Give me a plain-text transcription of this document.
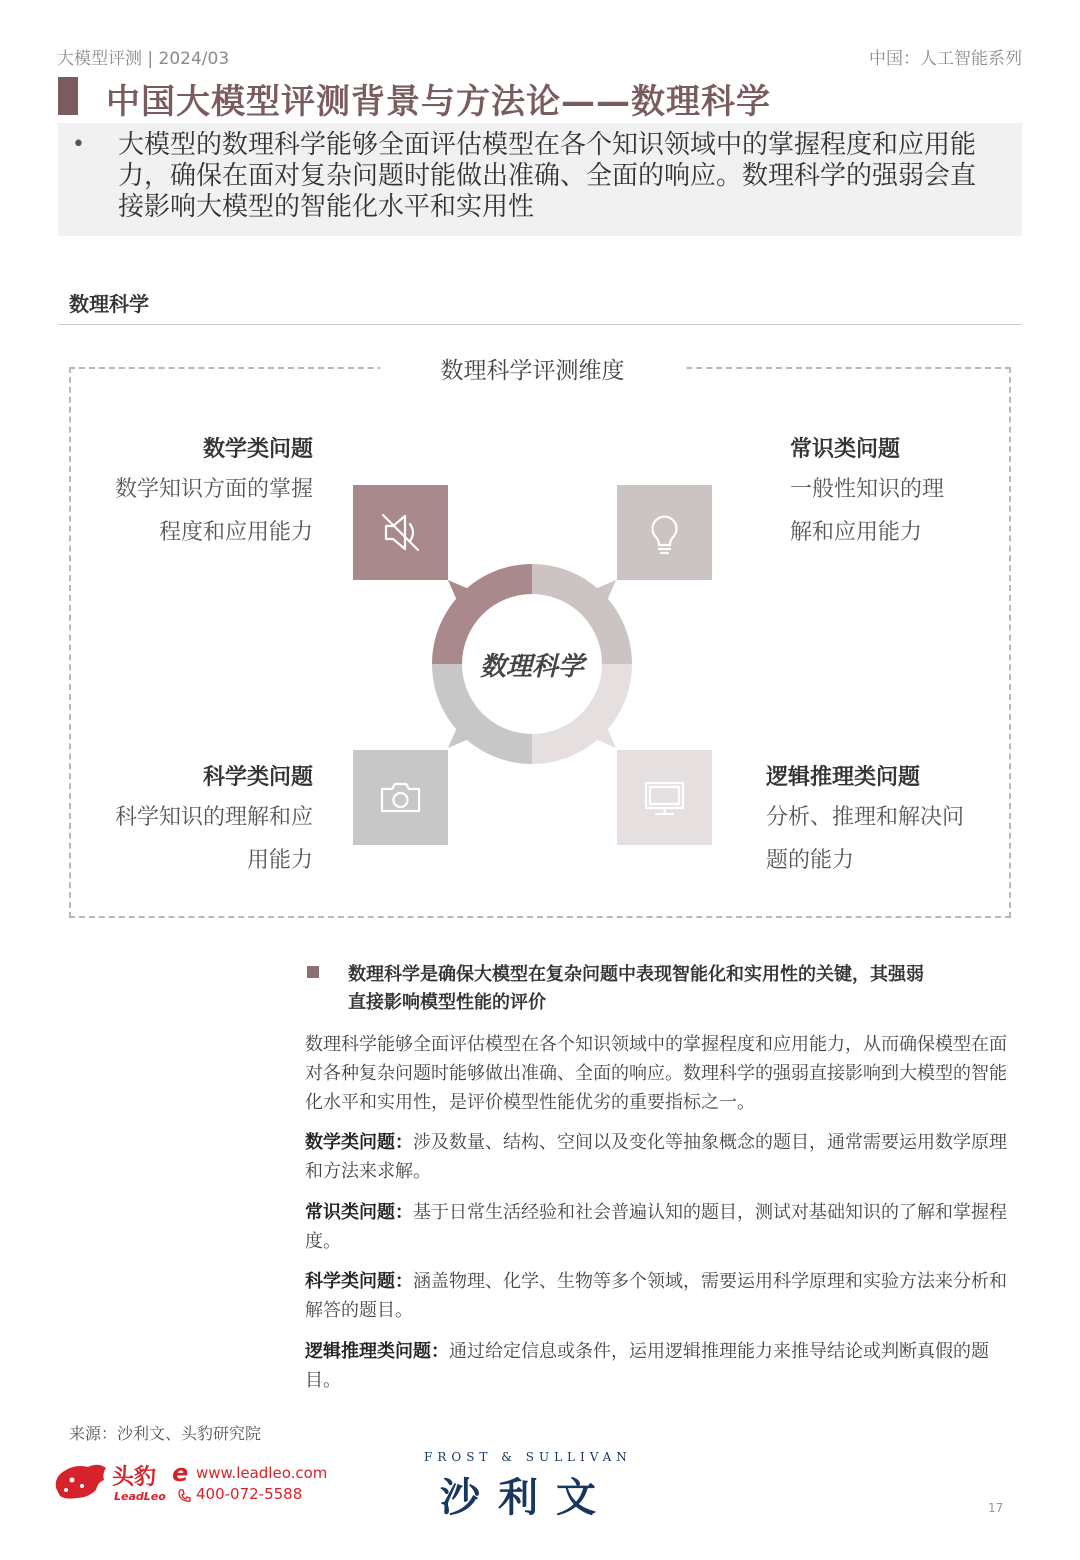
大模型评测 | 2024/03	中国：人工智能系列
中国大模型评测背景与方法论——数理科学
• 大模型的数理科学能够全面评估模型在各个知识领域中的掌握程度和应用能力，确保在面对复杂问题时能做出准确、全面的响应。数理科学的强弱会直接影响大模型的智能化水平和实用性
数理科学
数理科学评测维度
数学类问题
数学知识方面的掌握
程度和应用能力
常识类问题
一般性知识的理
解和应用能力
科学类问题
科学知识的理解和应
用能力
逻辑推理类问题
分析、推理和解决问
题的能力
数理科学
数理科学是确保大模型在复杂问题中表现智能化和实用性的关键，其强弱
直接影响模型性能的评价
数理科学能够全面评估模型在各个知识领域中的掌握程度和应用能力，从而确保模型在面对各种复杂问题时能够做出准确、全面的响应。数理科学的强弱直接影响到大模型的智能化水平和实用性，是评价模型性能优劣的重要指标之一。
数学类问题：涉及数量、结构、空间以及变化等抽象概念的题目，通常需要运用数学原理和方法来求解。
常识类问题：基于日常生活经验和社会普遍认知的题目，测试对基础知识的了解和掌握程度。
科学类问题：涵盖物理、化学、生物等多个领域，需要运用科学原理和实验方法来分析和解答的题目。
逻辑推理类问题：通过给定信息或条件，运用逻辑推理能力来推导结论或判断真假的题目。
来源：沙利文、头豹研究院
头豹
LeadLeo
e www.leadleo.com
400-072-5588
FROST & SULLIVAN
沙利文	17
